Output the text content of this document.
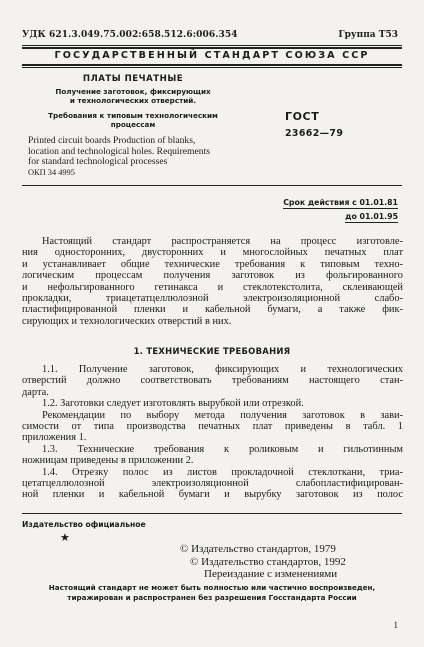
УДК 621.3.049.75.002:658.512.6:006.354	Группа Т53
ГОСУДАРСТВЕННЫЙ СТАНДАРТ СОЮЗА ССР
ПЛАТЫ ПЕЧАТНЫЕ
Получение заготовок, фиксирующих
и технологических отверстий.
Требования к типовым технологическим
процессам
Printed circuit boards Production of blanks,
location and technological holes. Requirements
for standard technological processes
ОКП 34 4995
ГОСТ
23662—79
Срок действия с 01.01.81
до 01.01.95
Настоящий стандарт распространяется на процесс изготовле-
ния односторонних, двусторонних и многослойных печатных плат
и устанавливает общие технические требования к типовым техно-
логическим процессам получения заготовок из фольгированного
и нефольгированного гетинакса и стеклотекстолита, склеивающей
прокладки, триацетатцеллюлозной электроизоляционной слабо-
пластифицированной пленки и кабельной бумаги, а также фик-
сирующих и технологических отверстий в них.
1. ТЕХНИЧЕСКИЕ ТРЕБОВАНИЯ
1.1. Получение заготовок, фиксирующих и технологических
отверстий должно соответствовать требованиям настоящего стан-
дарта.
1.2. Заготовки следует изготовлять вырубкой или отрезкой.
Рекомендации по выбору метода получения заготовок в зави-
симости от типа производства печатных плат приведены в табл. 1
приложения 1.
1.3. Технические требования к роликовым и гильотинным
ножницам приведены в приложении 2.
1.4. Отрезку полос из листов прокладочной стеклоткани, триа-
цетатцеллюлозной электроизоляционной слабопластифицирован-
ной пленки и кабельной бумаги и вырубку заготовок из полос
Издательство официальное
★
© Издательство стандартов, 1979
© Издательство стандартов, 1992
Переиздание с изменениями
Настоящий стандарт не может быть полностью или частично воспроизведен,
тиражирован и распространен без разрешения Госстандарта России
1
